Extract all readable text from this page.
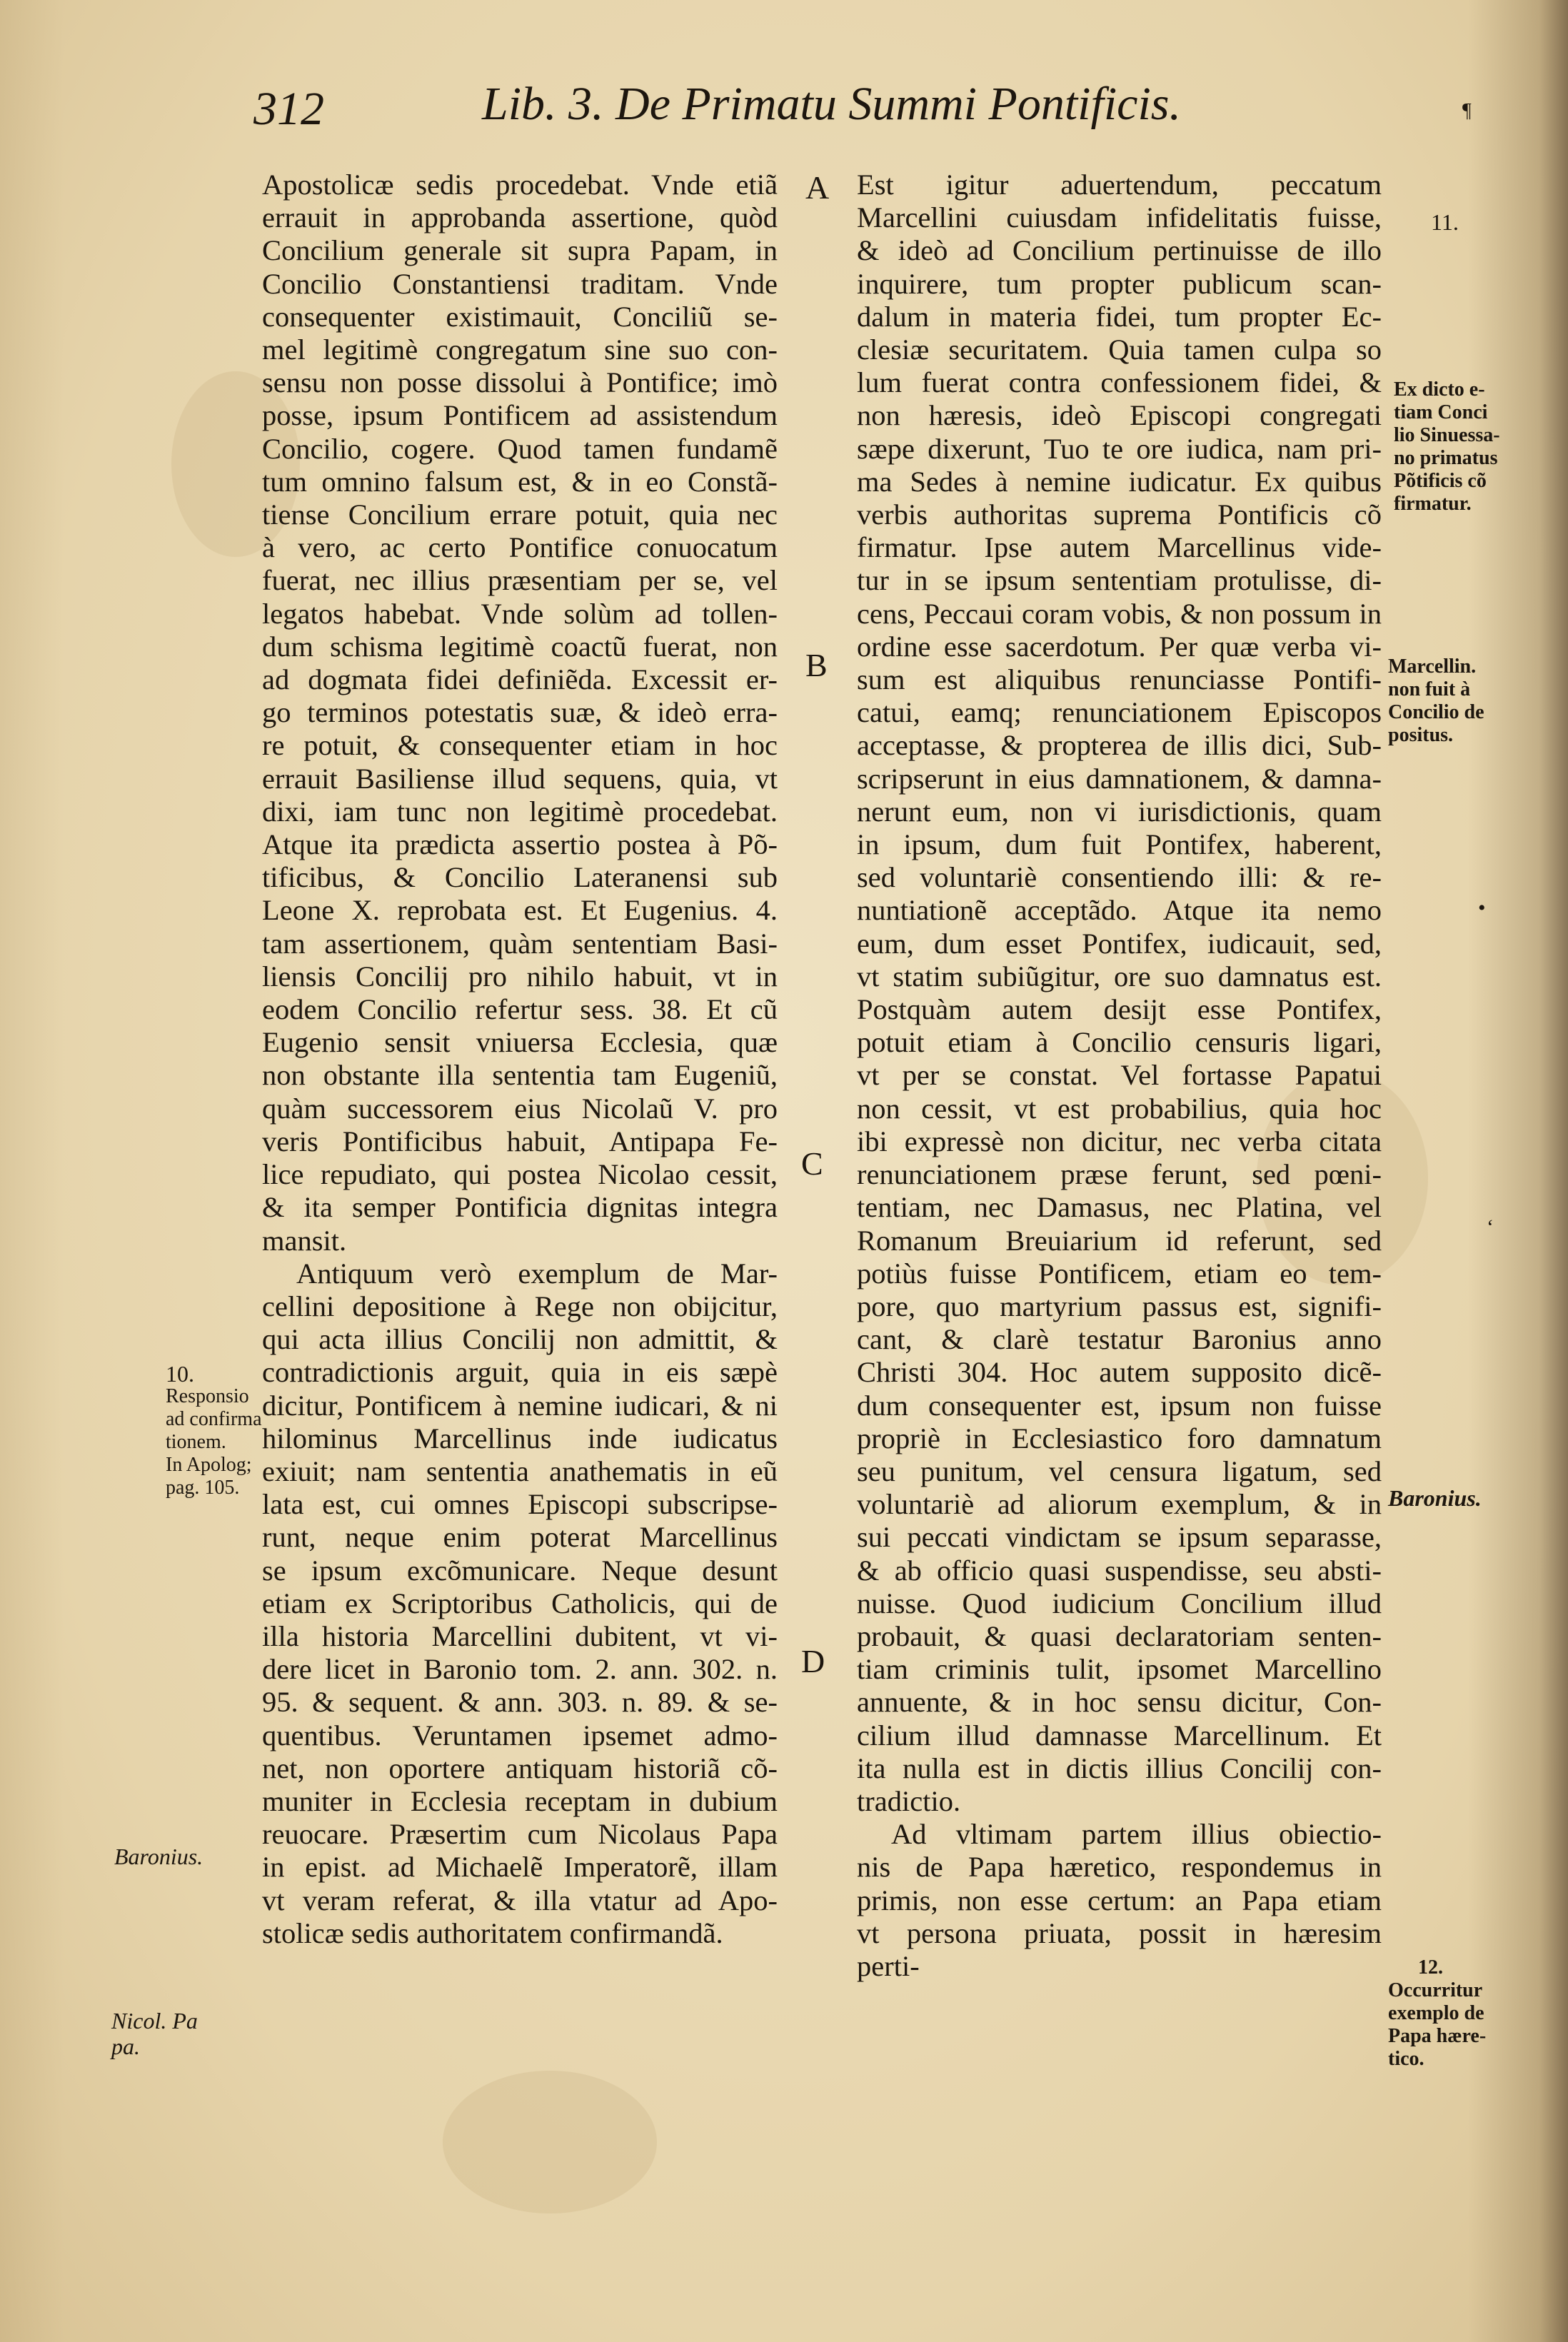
312	Lib. 3. De Primatu Summi Pontificis.	¶
A
B
C
D
10.
Responsio
ad confirma
tionem.
In Apolog;
pag. 105.
Baronius.
Nicol. Pa
pa.
11.
Ex dicto e-
tiam Conci
lio Sinuessa-
no primatus
Põtificis cõ
firmatur.
Marcellin.
non fuit à
Concilio de
positus.
Baronius.
12.
Occurritur
exemplo de
Papa hære-
tico.
‘
•
Apostolicæ sedis procedebat. Vnde etiã
errauit in approbanda assertione, quòd
Concilium generale sit supra Papam, in
Concilio Constantiensi traditam. Vnde
consequenter existimauit, Conciliũ se-
mel legitimè congregatum sine suo con-
sensu non posse dissolui à Pontifice; imò
posse, ipsum Pontificem ad assistendum
Concilio, cogere. Quod tamen fundamẽ
tum omnino falsum est, & in eo Constã-
tiense Concilium errare potuit, quia nec
à vero, ac certo Pontifice conuocatum
fuerat, nec illius præsentiam per se, vel
legatos habebat. Vnde solùm ad tollen-
dum schisma legitimè coactũ fuerat, non
ad dogmata fidei definiẽda. Excessit er-
go terminos potestatis suæ, & ideò erra-
re potuit, & consequenter etiam in hoc
errauit Basiliense illud sequens, quia, vt
dixi, iam tunc non legitimè procedebat.
Atque ita prædicta assertio postea à Põ-
tificibus, & Concilio Lateranensi sub
Leone X. reprobata est. Et Eugenius. 4.
tam assertionem, quàm sententiam Basi-
liensis Concilij pro nihilo habuit, vt in
eodem Concilio refertur sess. 38. Et cũ
Eugenio sensit vniuersa Ecclesia, quæ
non obstante illa sententia tam Eugeniũ,
quàm successorem eius Nicolaũ V. pro
veris Pontificibus habuit, Antipapa Fe-
lice repudiato, qui postea Nicolao cessit,
& ita semper Pontificia dignitas integra
mansit.
Antiquum verò exemplum de Mar-
cellini depositione à Rege non obijcitur,
qui acta illius Concilij non admittit, &
contradictionis arguit, quia in eis sæpè
dicitur, Pontificem à nemine iudicari, & ni
hilominus Marcellinus inde iudicatus
exiuit; nam sententia anathematis in eũ
lata est, cui omnes Episcopi subscripse-
runt, neque enim poterat Marcellinus
se ipsum excõmunicare. Neque desunt
etiam ex Scriptoribus Catholicis, qui de
illa historia Marcellini dubitent, vt vi-
dere licet in Baronio tom. 2. ann. 302. n.
95. & sequent. & ann. 303. n. 89. & se-
quentibus. Veruntamen ipsemet admo-
net, non oportere antiquam historiã cõ-
muniter in Ecclesia receptam in dubium
reuocare. Præsertim cum Nicolaus Papa
in epist. ad Michaelẽ Imperatorẽ, illam
vt veram referat, & illa vtatur ad Apo-
stolicæ sedis authoritatem confirmandã.
Est igitur aduertendum, peccatum
Marcellini cuiusdam infidelitatis fuisse,
& ideò ad Concilium pertinuisse de illo
inquirere, tum propter publicum scan-
dalum in materia fidei, tum propter Ec-
clesiæ securitatem. Quia tamen culpa so
lum fuerat contra confessionem fidei, &
non hæresis, ideò Episcopi congregati
sæpe dixerunt, Tuo te ore iudica, nam pri-
ma Sedes à nemine iudicatur. Ex quibus
verbis authoritas suprema Pontificis cõ
firmatur. Ipse autem Marcellinus vide-
tur in se ipsum sententiam protulisse, di-
cens, Peccaui coram vobis, & non possum in
ordine esse sacerdotum. Per quæ verba vi-
sum est aliquibus renunciasse Pontifi-
catui, eamq; renunciationem Episcopos
acceptasse, & propterea de illis dici, Sub-
scripserunt in eius damnationem, & damna-
nerunt eum, non vi iurisdictionis, quam
in ipsum, dum fuit Pontifex, haberent,
sed voluntariè consentiendo illi: & re-
nuntiationẽ acceptãdo. Atque ita nemo
eum, dum esset Pontifex, iudicauit, sed,
vt statim subiũgitur, ore suo damnatus est.
Postquàm autem desijt esse Pontifex,
potuit etiam à Concilio censuris ligari,
vt per se constat. Vel fortasse Papatui
non cessit, vt est probabilius, quia hoc
ibi expressè non dicitur, nec verba citata
renunciationem præse ferunt, sed pœni-
tentiam, nec Damasus, nec Platina, vel
Romanum Breuiarium id referunt, sed
potiùs fuisse Pontificem, etiam eo tem-
pore, quo martyrium passus est, signifi-
cant, & clarè testatur Baronius anno
Christi 304. Hoc autem supposito dicẽ-
dum consequenter est, ipsum non fuisse
propriè in Ecclesiastico foro damnatum
seu punitum, vel censura ligatum, sed
voluntariè ad aliorum exemplum, & in
sui peccati vindictam se ipsum separasse,
& ab officio quasi suspendisse, seu absti-
nuisse. Quod iudicium Concilium illud
probauit, & quasi declaratoriam senten-
tiam criminis tulit, ipsomet Marcellino
annuente, & in hoc sensu dicitur, Con-
cilium illud damnasse Marcellinum. Et
ita nulla est in dictis illius Concilij con-
tradictio.
Ad vltimam partem illius obiectio-
nis de Papa hæretico, respondemus in
primis, non esse certum: an Papa etiam
vt persona priuata, possit in hæresim
perti-
